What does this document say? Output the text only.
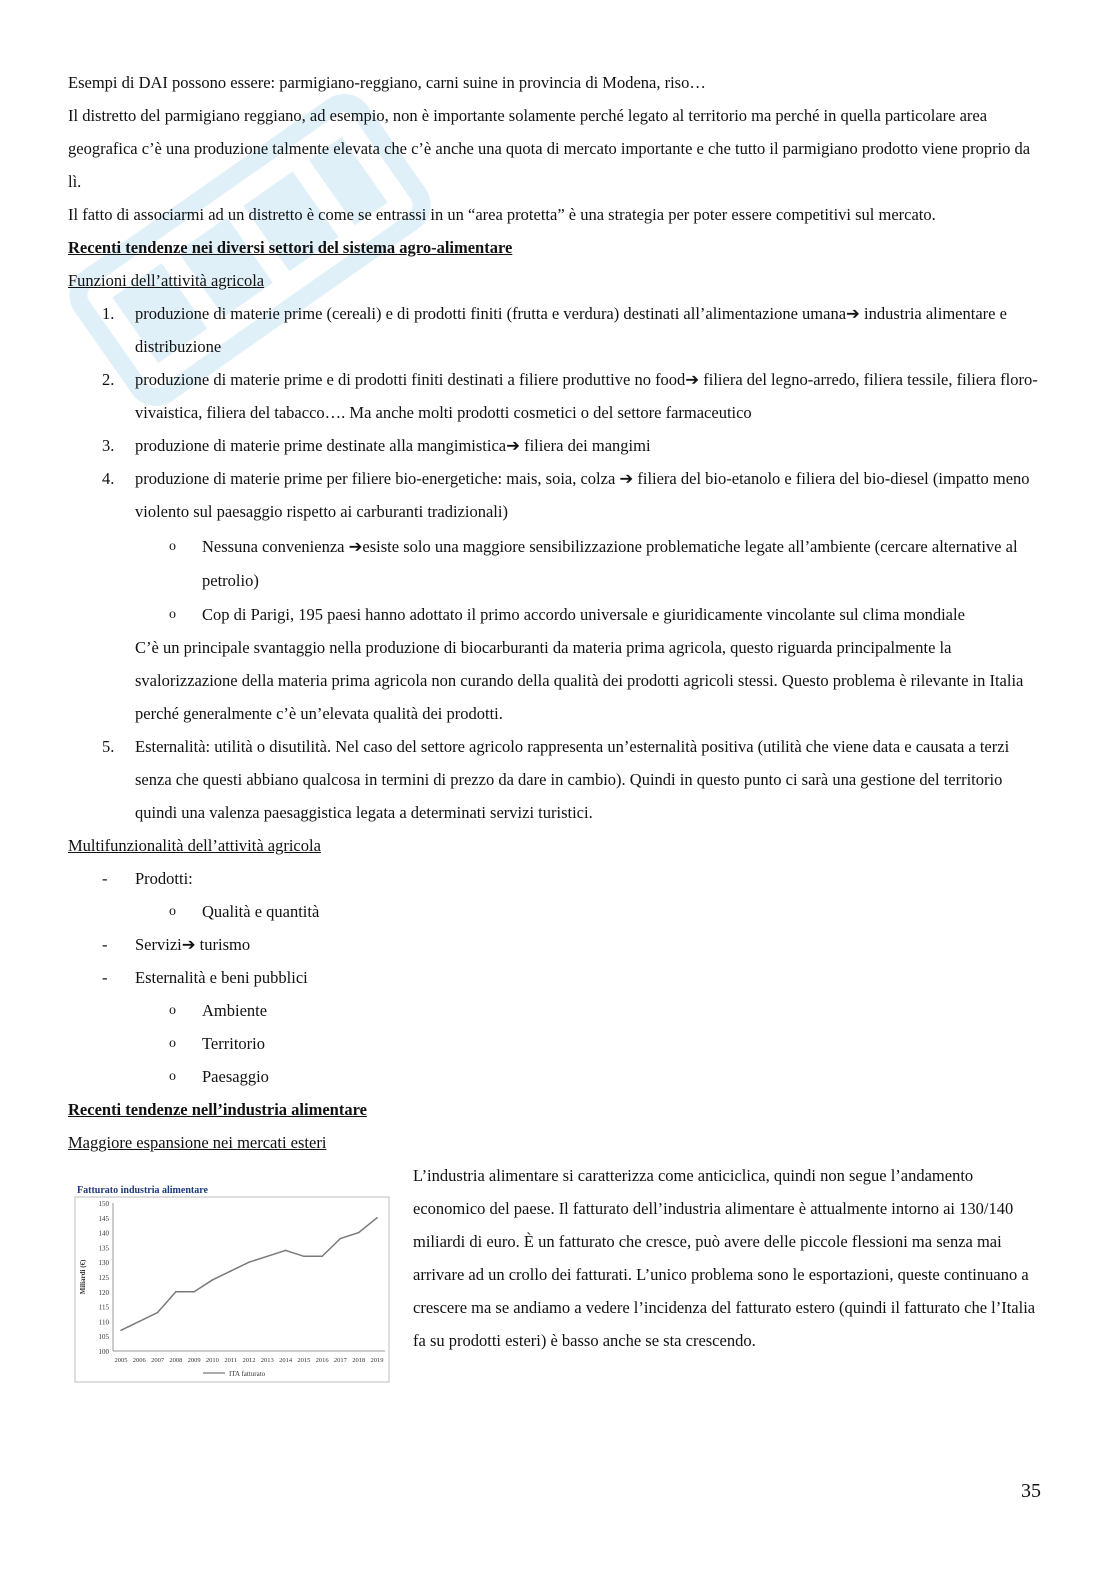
Esempi di DAI possono essere: parmigiano-reggiano, carni suine in provincia di Modena, riso…

Il distretto del parmigiano reggiano, ad esempio, non è importante solamente perché legato al territorio ma perché in quella particolare area geografica c’è una produzione talmente elevata che c’è anche una quota di mercato importante e che tutto il parmigiano prodotto viene proprio da lì.

Il fatto di associarmi ad un distretto è come se entrassi in un “area protetta” è una strategia per poter essere competitivi sul mercato.

Recenti tendenze nei diversi settori del sistema agro-alimentare

Funzioni dell’attività agricola

1. produzione di materie prime (cereali) e di prodotti finiti (frutta e verdura) destinati all’alimentazione umana➔ industria alimentare e distribuzione
2. produzione di materie prime e di prodotti finiti destinati a filiere produttive no food➔ filiera del legno-arredo, filiera tessile, filiera floro-vivaistica, filiera del tabacco…. Ma anche molti prodotti cosmetici o del settore farmaceutico
3. produzione di materie prime destinate alla mangimistica➔ filiera dei mangimi
4. produzione di materie prime per filiere bio-energetiche: mais, soia, colza ➔ filiera del bio-etanolo e filiera del bio-diesel (impatto meno violento sul paesaggio rispetto ai carburanti tradizionali)
o Nessuna convenienza ➔esiste solo una maggiore sensibilizzazione problematiche legate all’ambiente (cercare alternative al petrolio)
o Cop di Parigi, 195 paesi hanno adottato il primo accordo universale e giuridicamente vincolante sul clima mondiale

C’è un principale svantaggio nella produzione di biocarburanti da materia prima agricola, questo riguarda principalmente la svalorizzazione della materia prima agricola non curando della qualità dei prodotti agricoli stessi. Questo problema è rilevante in Italia perché generalmente c’è un’elevata qualità dei prodotti.

5. Esternalità: utilità o disutilità. Nel caso del settore agricolo rappresenta un’esternalità positiva (utilità che viene data e causata a terzi senza che questi abbiano qualcosa in termini di prezzo da dare in cambio). Quindi in questo punto ci sarà una gestione del territorio quindi una valenza paesaggistica legata a determinati servizi turistici.

Multifunzionalità dell’attività agricola

- Prodotti:
o Qualità e quantità
- Servizi➔ turismo
- Esternalità e beni pubblici
o Ambiente
o Territorio
o Paesaggio

Recenti tendenze nell’industria alimentare

Maggiore espansione nei mercati esteri

Fatturato industria alimentare
100
105
110
115
120
125
130
135
140
145
150
2005 2006 2007 2008 2009 2010 2011 2012 2013 2014 2015 2016 2017 2018 2019
Miliardi (€)
ITA fatturato

L’industria alimentare si caratterizza come anticiclica, quindi non segue l’andamento economico del paese. Il fatturato dell’industria alimentare è attualmente intorno ai 130/140 miliardi di euro. È un fatturato che cresce, può avere delle piccole flessioni ma senza mai arrivare ad un crollo dei fatturati. L’unico problema sono le esportazioni, queste continuano a crescere ma se andiamo a vedere l’incidenza del fatturato estero (quindi il fatturato che l’Italia fa su prodotti esteri) è basso anche se sta crescendo.

35
